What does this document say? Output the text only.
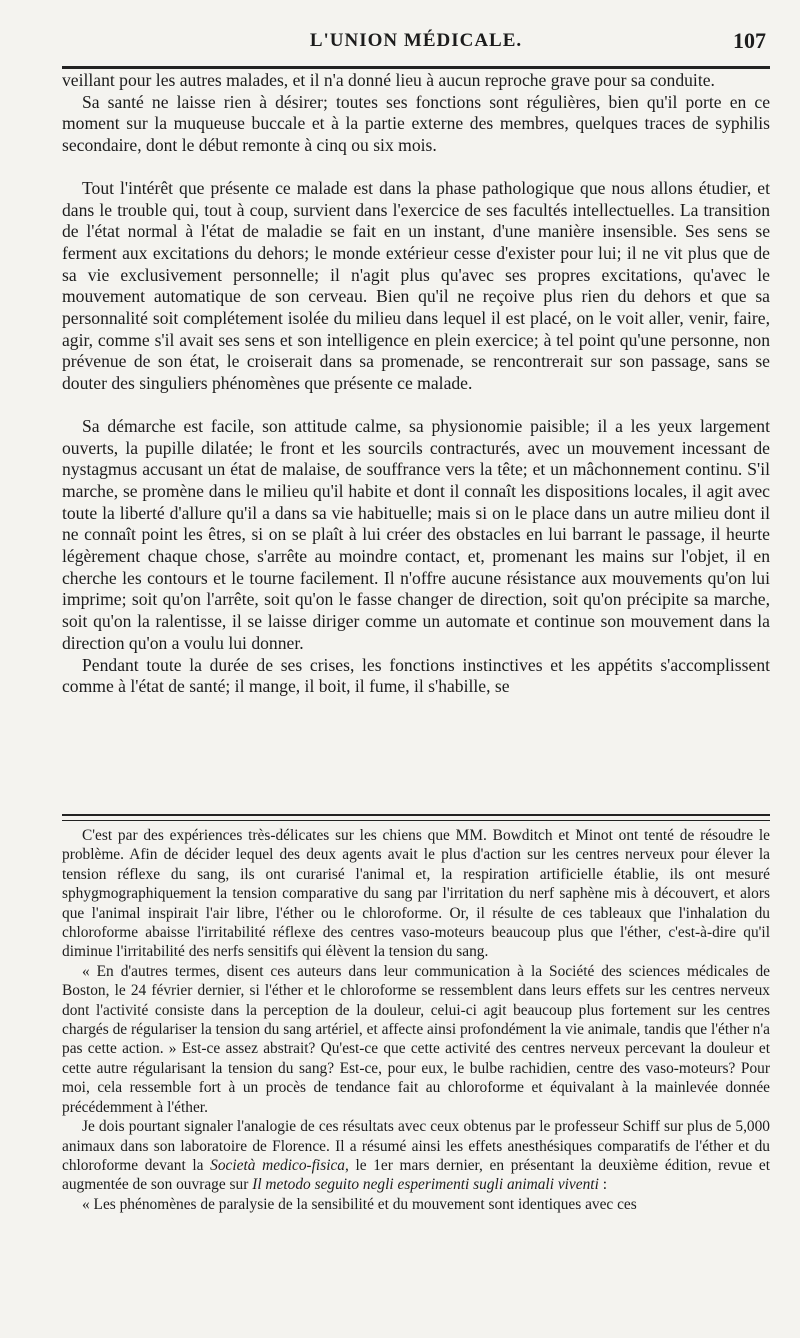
L'UNION MÉDICALE.	107

veillant pour les autres malades, et il n'a donné lieu à aucun reproche grave pour sa conduite.

Sa santé ne laisse rien à désirer; toutes ses fonctions sont régulières, bien qu'il porte en ce moment sur la muqueuse buccale et à la partie externe des membres, quelques traces de syphilis secondaire, dont le début remonte à cinq ou six mois.

Tout l'intérêt que présente ce malade est dans la phase pathologique que nous allons étudier, et dans le trouble qui, tout à coup, survient dans l'exercice de ses facultés intellectuelles. La transition de l'état normal à l'état de maladie se fait en un instant, d'une manière insensible. Ses sens se ferment aux excitations du dehors; le monde extérieur cesse d'exister pour lui; il ne vit plus que de sa vie exclusivement personnelle; il n'agit plus qu'avec ses propres excitations, qu'avec le mouvement automatique de son cerveau. Bien qu'il ne reçoive plus rien du dehors et que sa personnalité soit complétement isolée du milieu dans lequel il est placé, on le voit aller, venir, faire, agir, comme s'il avait ses sens et son intelligence en plein exercice; à tel point qu'une personne, non prévenue de son état, le croiserait dans sa promenade, se rencontrerait sur son passage, sans se douter des singuliers phénomènes que présente ce malade.

Sa démarche est facile, son attitude calme, sa physionomie paisible; il a les yeux largement ouverts, la pupille dilatée; le front et les sourcils contracturés, avec un mouvement incessant de nystagmus accusant un état de malaise, de souffrance vers la tête; et un mâchonnement continu. S'il marche, se promène dans le milieu qu'il habite et dont il connaît les dispositions locales, il agit avec toute la liberté d'allure qu'il a dans sa vie habituelle; mais si on le place dans un autre milieu dont il ne connaît point les êtres, si on se plaît à lui créer des obstacles en lui barrant le passage, il heurte légèrement chaque chose, s'arrête au moindre contact, et, promenant les mains sur l'objet, il en cherche les contours et le tourne facilement. Il n'offre aucune résistance aux mouvements qu'on lui imprime; soit qu'on l'arrête, soit qu'on le fasse changer de direction, soit qu'on précipite sa marche, soit qu'on la ralentisse, il se laisse diriger comme un automate et continue son mouvement dans la direction qu'on a voulu lui donner.

Pendant toute la durée de ses crises, les fonctions instinctives et les appétits s'accomplissent comme à l'état de santé; il mange, il boit, il fume, il s'habille, se

C'est par des expériences très-délicates sur les chiens que MM. Bowditch et Minot ont tenté de résoudre le problème. Afin de décider lequel des deux agents avait le plus d'action sur les centres nerveux pour élever la tension réflexe du sang, ils ont curarisé l'animal et, la respiration artificielle établie, ils ont mesuré sphygmographiquement la tension comparative du sang par l'irritation du nerf saphène mis à découvert, et alors que l'animal inspirait l'air libre, l'éther ou le chloroforme. Or, il résulte de ces tableaux que l'inhalation du chloroforme abaisse l'irritabilité réflexe des centres vaso-moteurs beaucoup plus que l'éther, c'est-à-dire qu'il diminue l'irritabilité des nerfs sensitifs qui élèvent la tension du sang.

« En d'autres termes, disent ces auteurs dans leur communication à la Société des sciences médicales de Boston, le 24 février dernier, si l'éther et le chloroforme se ressemblent dans leurs effets sur les centres nerveux dont l'activité consiste dans la perception de la douleur, celui-ci agit beaucoup plus fortement sur les centres chargés de régulariser la tension du sang artériel, et affecte ainsi profondément la vie animale, tandis que l'éther n'a pas cette action. » Est-ce assez abstrait? Qu'est-ce que cette activité des centres nerveux percevant la douleur et cette autre régularisant la tension du sang? Est-ce, pour eux, le bulbe rachidien, centre des vaso-moteurs? Pour moi, cela ressemble fort à un procès de tendance fait au chloroforme et équivalant à la mainlevée donnée précédemment à l'éther.

Je dois pourtant signaler l'analogie de ces résultats avec ceux obtenus par le professeur Schiff sur plus de 5,000 animaux dans son laboratoire de Florence. Il a résumé ainsi les effets anesthésiques comparatifs de l'éther et du chloroforme devant la Società medico-fisica, le 1er mars dernier, en présentant la deuxième édition, revue et augmentée de son ouvrage sur Il metodo seguito negli esperimenti sugli animali viventi :

« Les phénomènes de paralysie de la sensibilité et du mouvement sont identiques avec ces
